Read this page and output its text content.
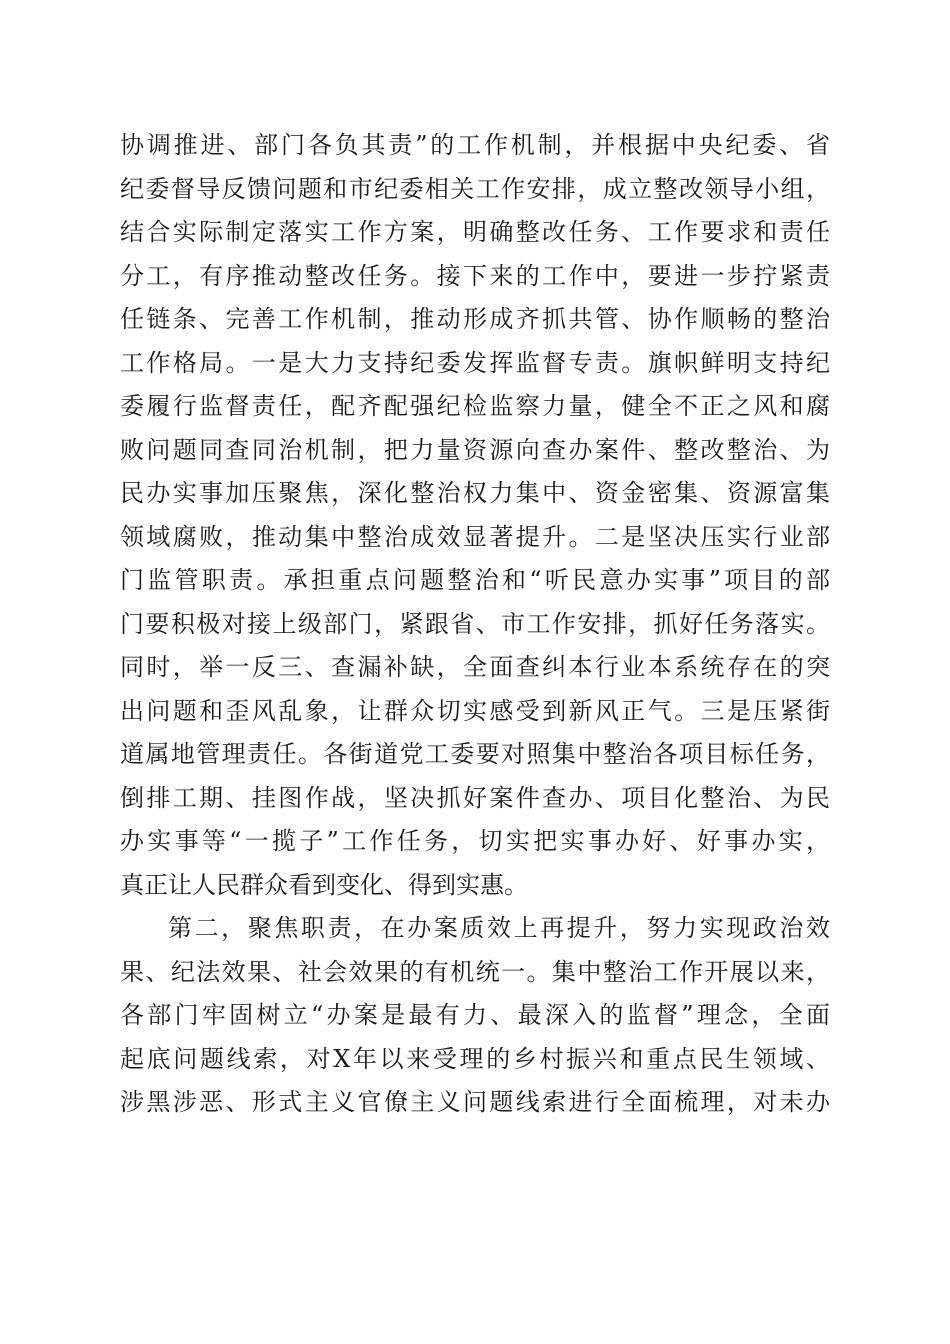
协调推进、部门各负其责”的工作机制，并根据中央纪委、省
纪委督导反馈问题和市纪委相关工作安排，成立整改领导小组，
结合实际制定落实工作方案，明确整改任务、工作要求和责任
分工，有序推动整改任务。接下来的工作中，要进一步拧紧责
任链条、完善工作机制，推动形成齐抓共管、协作顺畅的整治
工作格局。一是大力支持纪委发挥监督专责。旗帜鲜明支持纪
委履行监督责任，配齐配强纪检监察力量，健全不正之风和腐
败问题同查同治机制，把力量资源向查办案件、整改整治、为
民办实事加压聚焦，深化整治权力集中、资金密集、资源富集
领域腐败，推动集中整治成效显著提升。二是坚决压实行业部
门监管职责。承担重点问题整治和“听民意办实事”项目的部
门要积极对接上级部门，紧跟省、市工作安排，抓好任务落实。
同时，举一反三、查漏补缺，全面查纠本行业本系统存在的突
出问题和歪风乱象，让群众切实感受到新风正气。三是压紧街
道属地管理责任。各街道党工委要对照集中整治各项目标任务，
倒排工期、挂图作战，坚决抓好案件查办、项目化整治、为民
办实事等“一揽子”工作任务，切实把实事办好、好事办实，
真正让人民群众看到变化、得到实惠。
第二，聚焦职责，在办案质效上再提升，努力实现政治效
果、纪法效果、社会效果的有机统一。集中整治工作开展以来，
各部门牢固树立“办案是最有力、最深入的监督”理念，全面
起底问题线索，对X年以来受理的乡村振兴和重点民生领域、
涉黑涉恶、形式主义官僚主义问题线索进行全面梳理，对未办
